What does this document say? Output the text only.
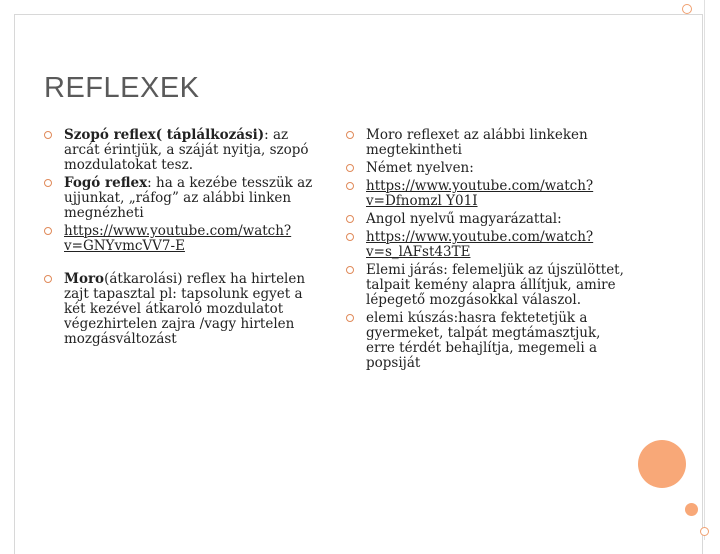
REFLEXEK
Szopó reflex( táplálkozási): az arcát érintjük, a száját nyitja, szopó mozdulatokat tesz.
Fogó reflex: ha a kezébe tesszük az ujjunkat, „ráfog” az alábbi linken megnézheti
https://www.youtube.com/watch?v=GNYvmcVV7-E
Moro(átkarolási) reflex ha hirtelen zajt tapasztal pl: tapsolunk egyet a két kezével átkaroló mozdulatot végezhirtelen zajra /vagy hirtelen mozgásváltozást
Moro reflexet az alábbi linkeken megtekintheti
Német nyelven:
https://www.youtube.com/watch?v=Dfnomzl Y01I
Angol nyelvű magyarázattal:
https://www.youtube.com/watch?v=s_lAFst43TE
Elemi járás: felemeljük az újszülöttet, talpait kemény alapra állítjuk, amire lépegető mozgásokkal válaszol.
elemi kúszás:hasra fektetetjük a gyermeket, talpát megtámasztjuk, erre térdét behajlítja, megemeli a popsiját
